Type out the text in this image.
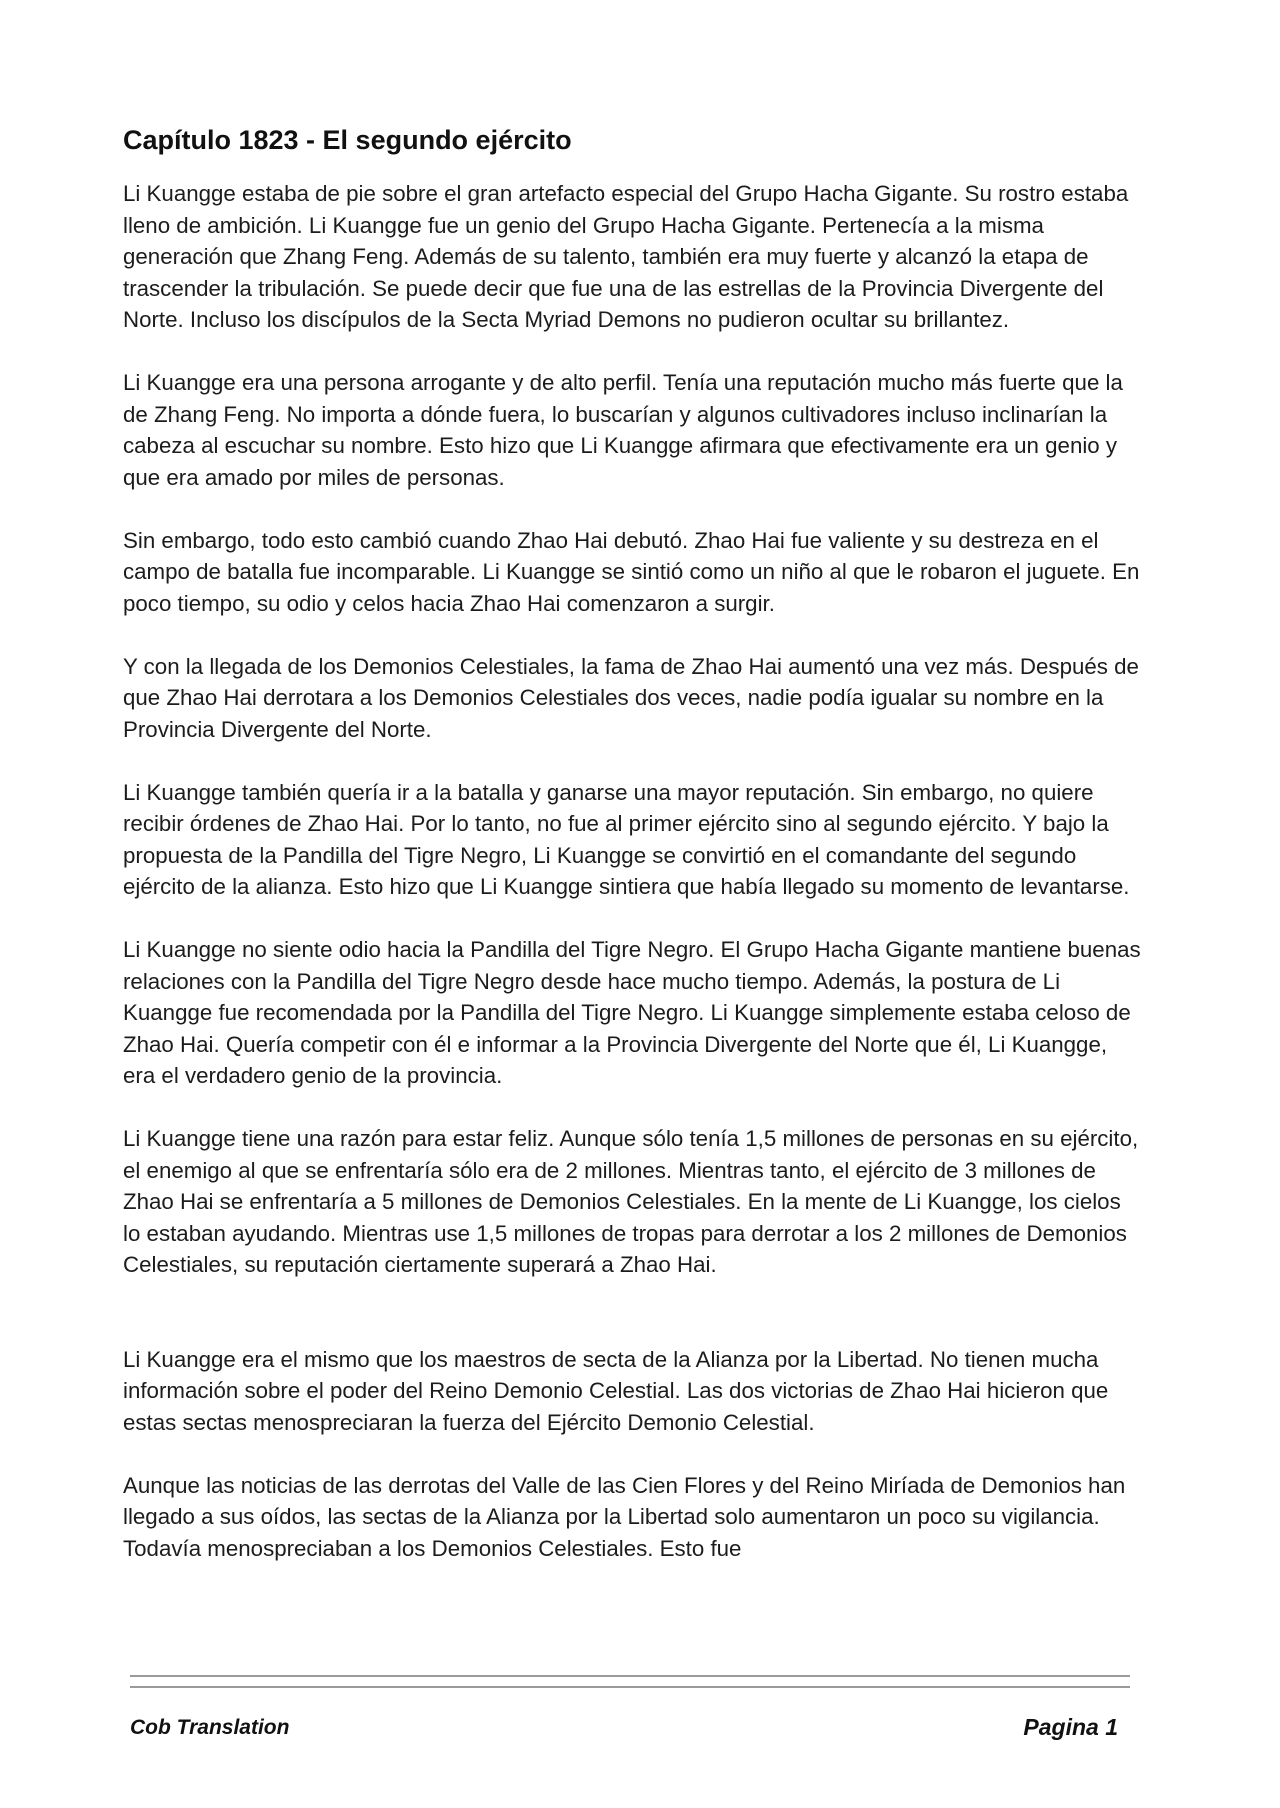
Capítulo 1823 - El segundo ejército

Li Kuangge estaba de pie sobre el gran artefacto especial del Grupo Hacha Gigante. Su rostro estaba lleno de ambición. Li Kuangge fue un genio del Grupo Hacha Gigante. Pertenecía a la misma generación que Zhang Feng. Además de su talento, también era muy fuerte y alcanzó la etapa de trascender la tribulación. Se puede decir que fue una de las estrellas de la Provincia Divergente del Norte. Incluso los discípulos de la Secta Myriad Demons no pudieron ocultar su brillantez.

Li Kuangge era una persona arrogante y de alto perfil. Tenía una reputación mucho más fuerte que la de Zhang Feng. No importa a dónde fuera, lo buscarían y algunos cultivadores incluso inclinarían la cabeza al escuchar su nombre. Esto hizo que Li Kuangge afirmara que efectivamente era un genio y que era amado por miles de personas.

Sin embargo, todo esto cambió cuando Zhao Hai debutó. Zhao Hai fue valiente y su destreza en el campo de batalla fue incomparable. Li Kuangge se sintió como un niño al que le robaron el juguete. En poco tiempo, su odio y celos hacia Zhao Hai comenzaron a surgir.

Y con la llegada de los Demonios Celestiales, la fama de Zhao Hai aumentó una vez más. Después de que Zhao Hai derrotara a los Demonios Celestiales dos veces, nadie podía igualar su nombre en la Provincia Divergente del Norte.

Li Kuangge también quería ir a la batalla y ganarse una mayor reputación. Sin embargo, no quiere recibir órdenes de Zhao Hai. Por lo tanto, no fue al primer ejército sino al segundo ejército. Y bajo la propuesta de la Pandilla del Tigre Negro, Li Kuangge se convirtió en el comandante del segundo ejército de la alianza. Esto hizo que Li Kuangge sintiera que había llegado su momento de levantarse.

Li Kuangge no siente odio hacia la Pandilla del Tigre Negro. El Grupo Hacha Gigante mantiene buenas relaciones con la Pandilla del Tigre Negro desde hace mucho tiempo. Además, la postura de Li Kuangge fue recomendada por la Pandilla del Tigre Negro. Li Kuangge simplemente estaba celoso de Zhao Hai. Quería competir con él e informar a la Provincia Divergente del Norte que él, Li Kuangge, era el verdadero genio de la provincia.

Li Kuangge tiene una razón para estar feliz. Aunque sólo tenía 1,5 millones de personas en su ejército, el enemigo al que se enfrentaría sólo era de 2 millones. Mientras tanto, el ejército de 3 millones de Zhao Hai se enfrentaría a 5 millones de Demonios Celestiales. En la mente de Li Kuangge, los cielos lo estaban ayudando. Mientras use 1,5 millones de tropas para derrotar a los 2 millones de Demonios Celestiales, su reputación ciertamente superará a Zhao Hai.

Li Kuangge era el mismo que los maestros de secta de la Alianza por la Libertad. No tienen mucha información sobre el poder del Reino Demonio Celestial. Las dos victorias de Zhao Hai hicieron que estas sectas menospreciaran la fuerza del Ejército Demonio Celestial.

Aunque las noticias de las derrotas del Valle de las Cien Flores y del Reino Miríada de Demonios han llegado a sus oídos, las sectas de la Alianza por la Libertad solo aumentaron un poco su vigilancia. Todavía menospreciaban a los Demonios Celestiales. Esto fue

Cob Translation	Pagina 1
